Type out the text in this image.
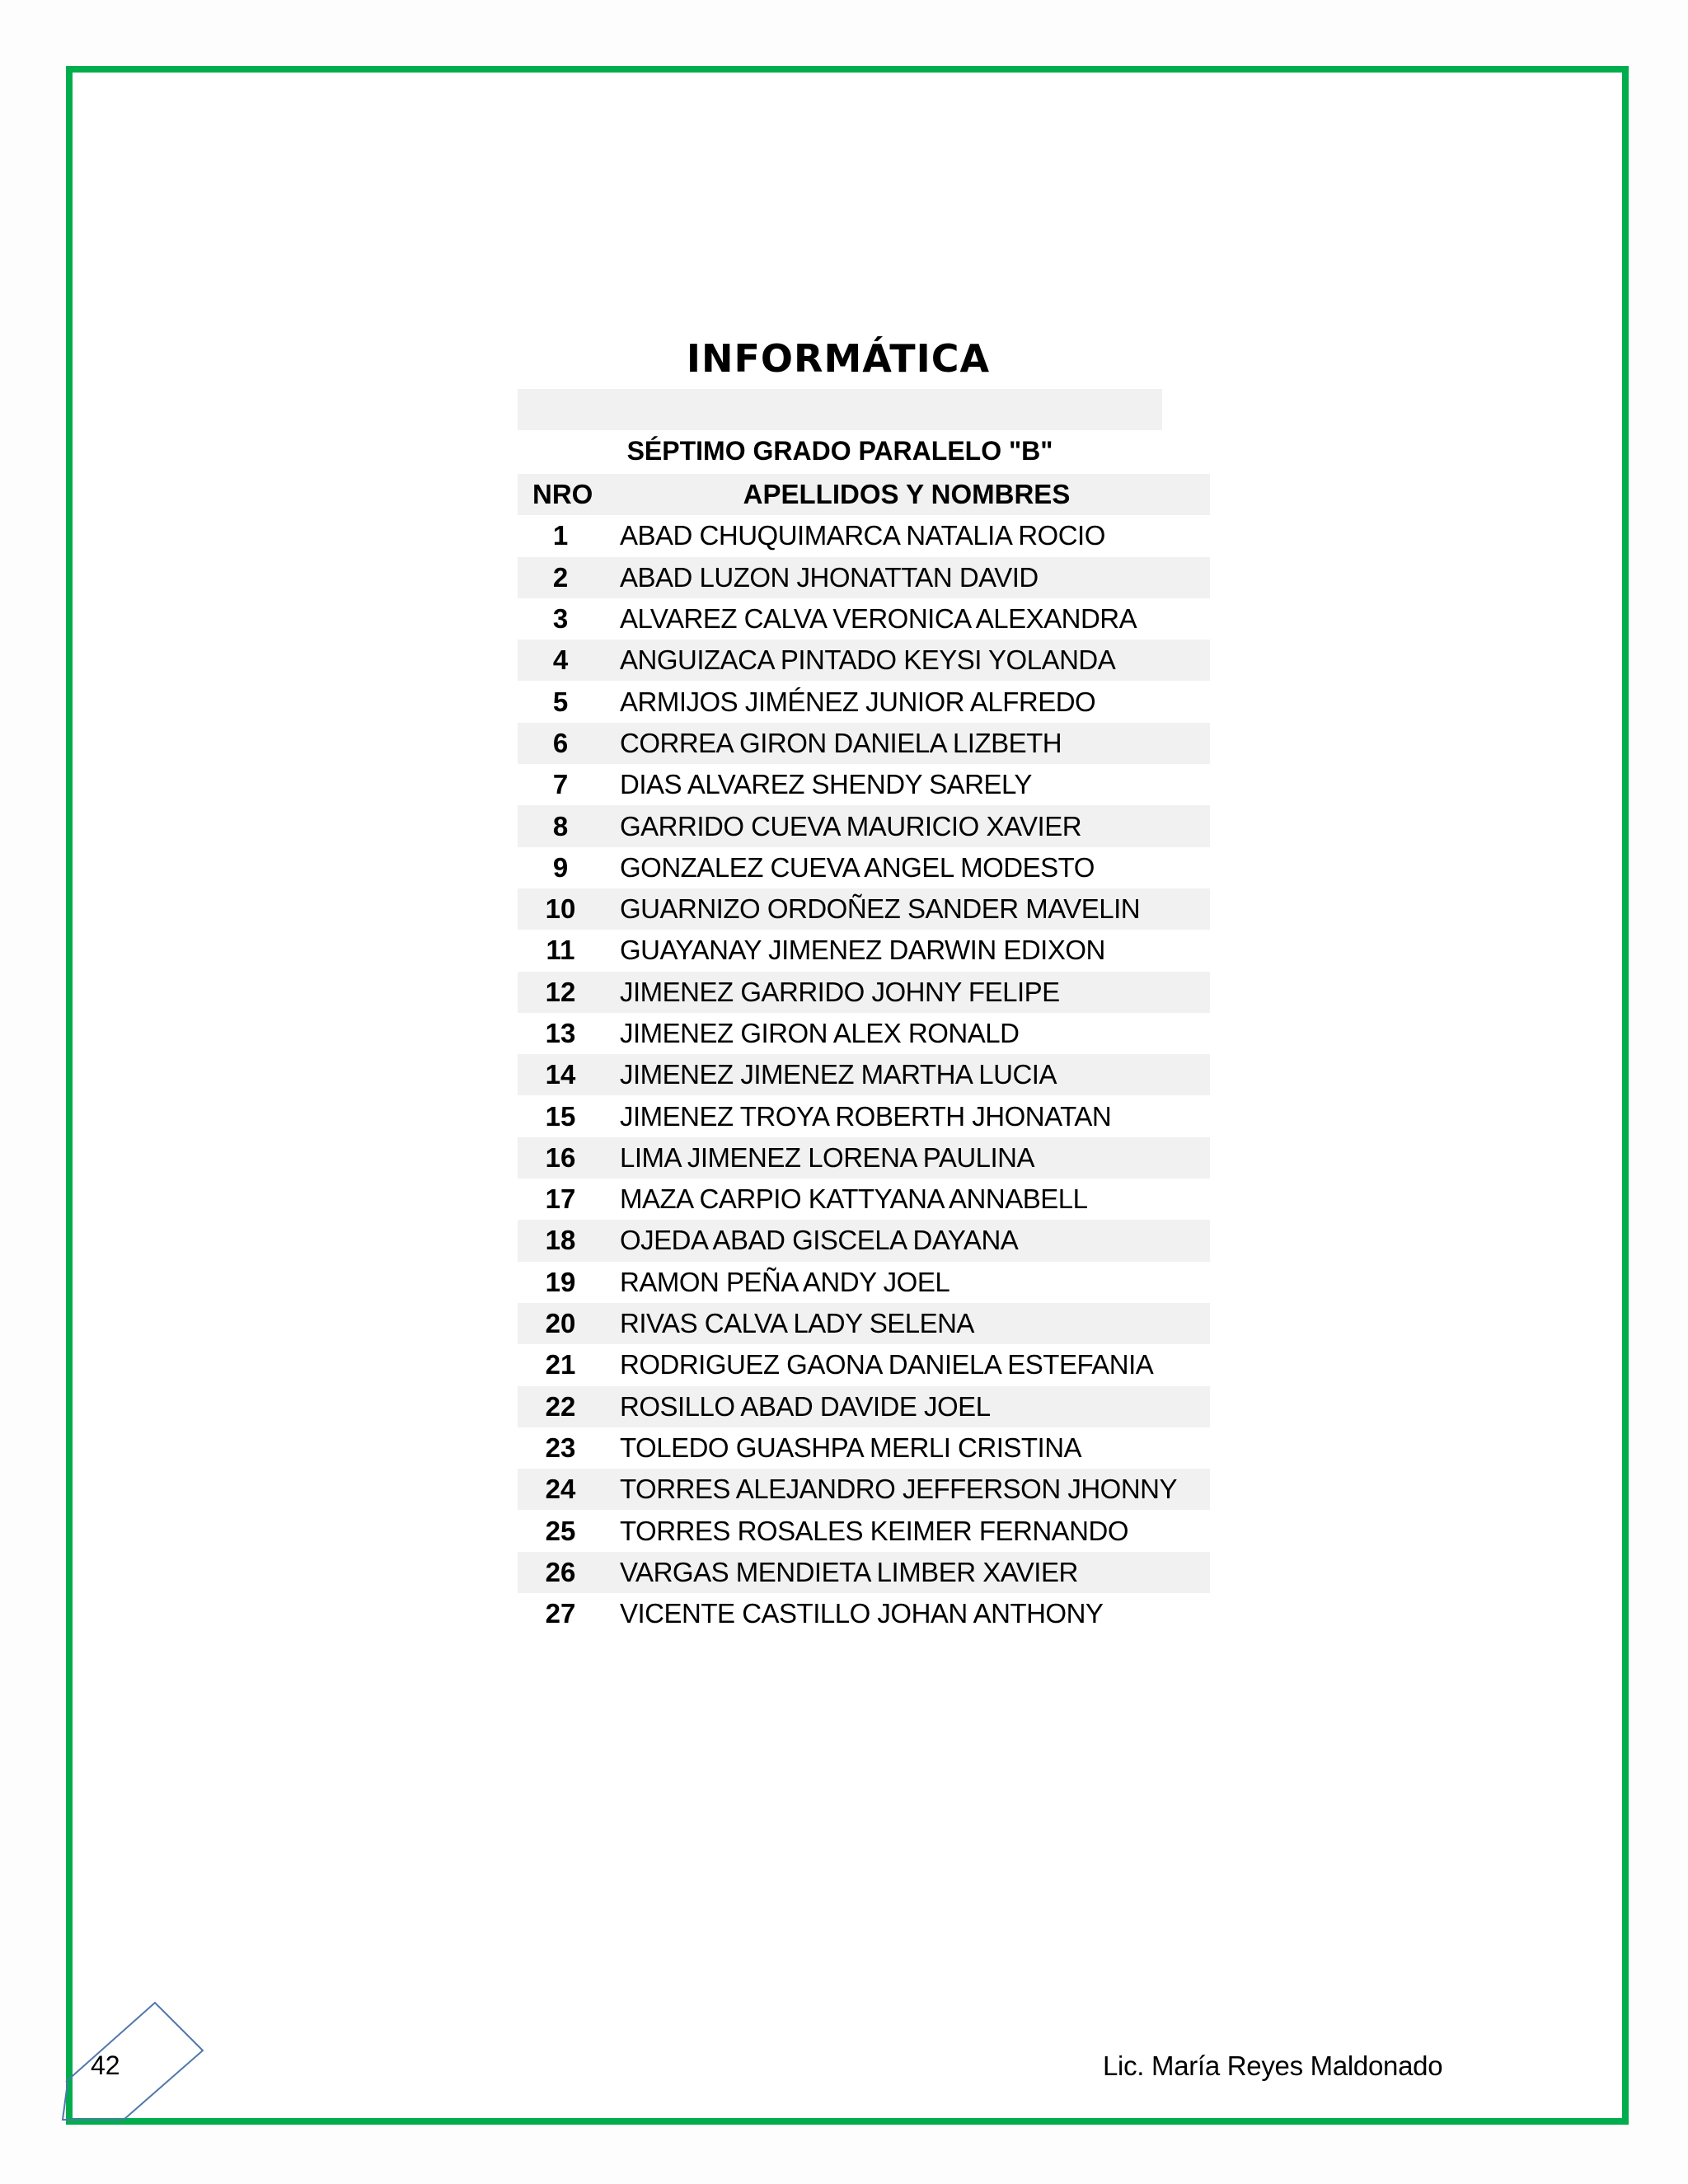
INFORMÁTICA
SÉPTIMO GRADO PARALELO "B"
NRO	APELLIDOS Y NOMBRES
1	ABAD CHUQUIMARCA NATALIA ROCIO
2	ABAD LUZON JHONATTAN DAVID
3	ALVAREZ CALVA VERONICA ALEXANDRA
4	ANGUIZACA PINTADO KEYSI YOLANDA
5	ARMIJOS JIMÉNEZ JUNIOR ALFREDO
6	CORREA GIRON DANIELA LIZBETH
7	DIAS ALVAREZ SHENDY SARELY
8	GARRIDO CUEVA MAURICIO XAVIER
9	GONZALEZ CUEVA ANGEL MODESTO
10	GUARNIZO ORDOÑEZ SANDER MAVELIN
11	GUAYANAY JIMENEZ DARWIN EDIXON
12	JIMENEZ GARRIDO JOHNY FELIPE
13	JIMENEZ GIRON ALEX RONALD
14	JIMENEZ JIMENEZ MARTHA LUCIA
15	JIMENEZ TROYA ROBERTH JHONATAN
16	LIMA JIMENEZ LORENA PAULINA
17	MAZA CARPIO KATTYANA ANNABELL
18	OJEDA ABAD GISCELA DAYANA
19	RAMON PEÑA ANDY JOEL
20	RIVAS CALVA LADY SELENA
21	RODRIGUEZ GAONA DANIELA ESTEFANIA
22	ROSILLO ABAD DAVIDE JOEL
23	TOLEDO GUASHPA MERLI CRISTINA
24	TORRES ALEJANDRO JEFFERSON JHONNY
25	TORRES ROSALES KEIMER FERNANDO
26	VARGAS MENDIETA LIMBER XAVIER
27	VICENTE CASTILLO JOHAN ANTHONY
42	Lic. María Reyes Maldonado
